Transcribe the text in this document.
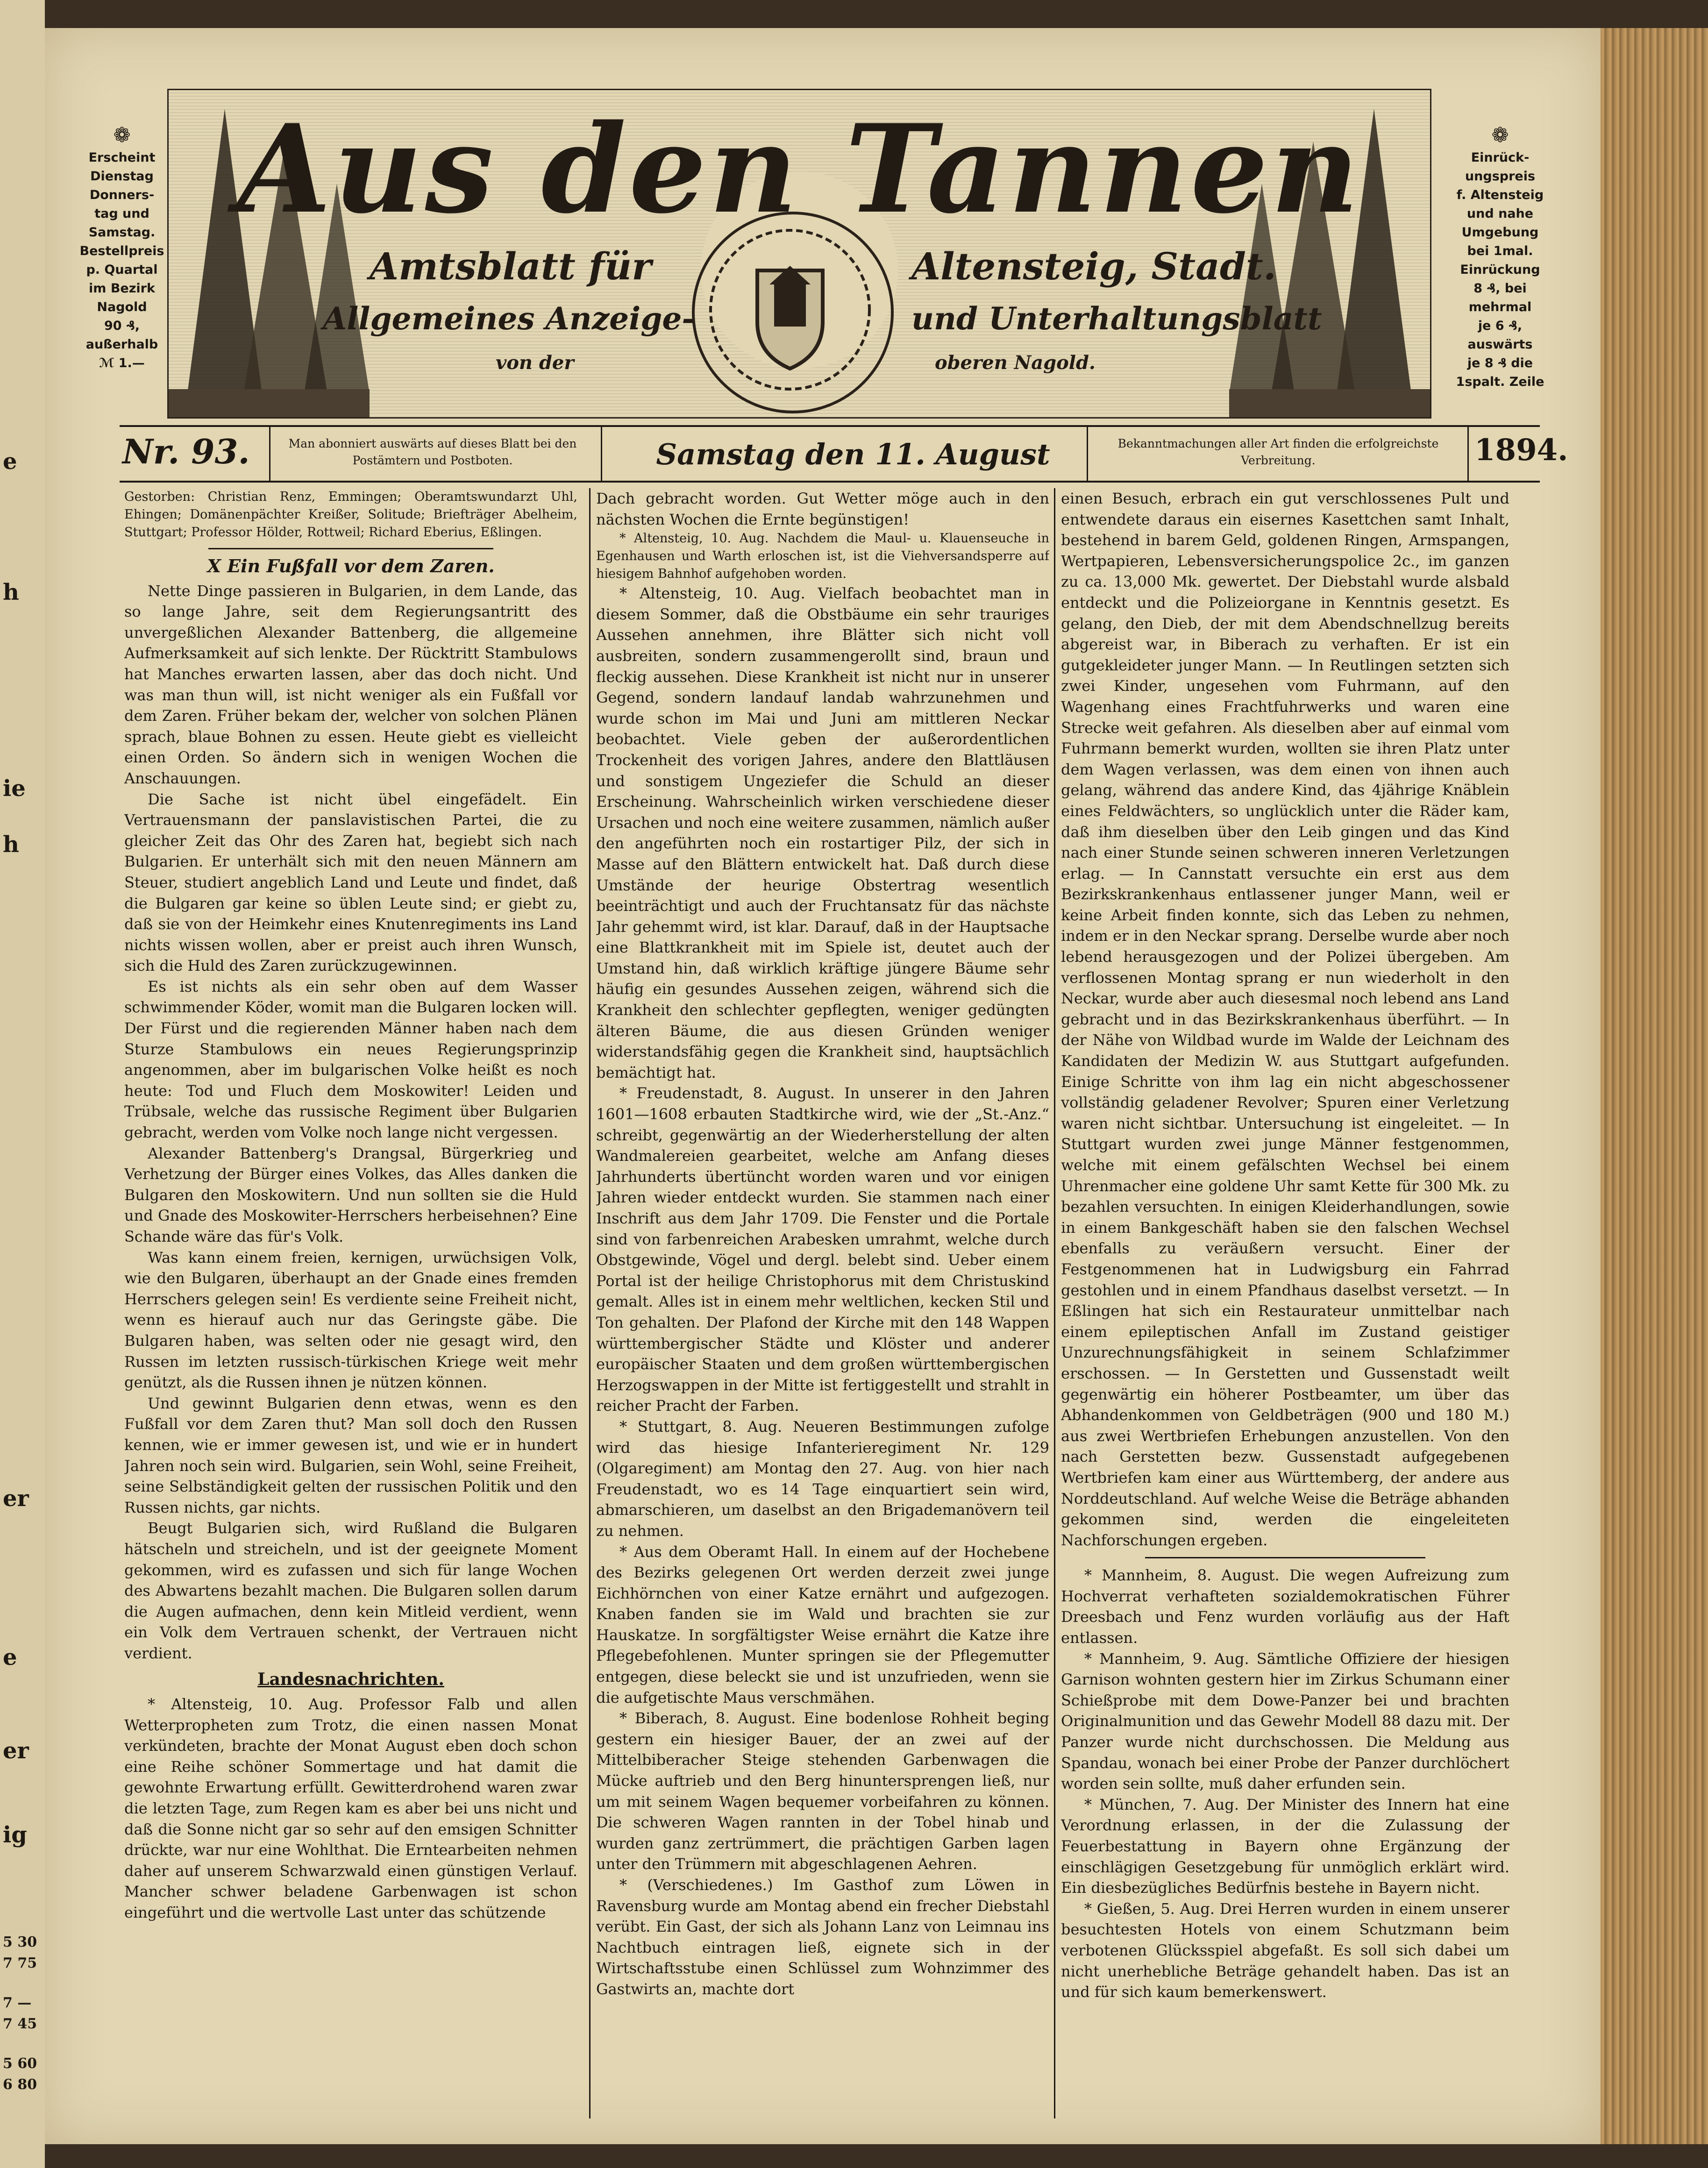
e
h
ie
h
er
e
er
ig
5 30
7 75
7 —
7 45
5 60
6 80
❁
Erscheint
Dienstag
Donners-
tag und
Samstag.
Bestellpreis
p. Quartal
im Bezirk
Nagold
90 ₰,
außerhalb
ℳ 1.—
❁
Einrück-
ungspreis
f. Altensteig
und nahe
Umgebung
bei 1mal.
Einrückung
8 ₰, bei
mehrmal
je 6 ₰,
auswärts
je 8 ₰ die
1spalt. Zeile
Aus den Tannen
Amtsblatt für	Altensteig, Stadt.
Allgemeines Anzeige-	und Unterhaltungsblatt
von der	oberen Nagold.
Nr. 93.	Man abonniert auswärts auf dieses Blatt bei den Postämtern und Postboten.	Samstag den 11. August	Bekanntmachungen aller Art finden die erfolgreichste Verbreitung.	1894.

Gestorben: Christian Renz, Emmingen; Oberamtswundarzt Uhl, Ehingen; Domänenpächter Kreißer, Solitude; Briefträger Abelheim, Stuttgart; Professor Hölder, Rottweil; Richard Eberius, Eßlingen.

X Ein Fußfall vor dem Zaren.

Nette Dinge passieren in Bulgarien, in dem Lande, das so lange Jahre, seit dem Regierungsantritt des unvergeßlichen Alexander Battenberg, die allgemeine Aufmerksamkeit auf sich lenkte. Der Rücktritt Stambulows hat Manches erwarten lassen, aber das doch nicht. Und was man thun will, ist nicht weniger als ein Fußfall vor dem Zaren. Früher bekam der, welcher von solchen Plänen sprach, blaue Bohnen zu essen. Heute giebt es vielleicht einen Orden. So ändern sich in wenigen Wochen die Anschauungen.

Die Sache ist nicht übel eingefädelt. Ein Vertrauensmann der panslavistischen Partei, die zu gleicher Zeit das Ohr des Zaren hat, begiebt sich nach Bulgarien. Er unterhält sich mit den neuen Männern am Steuer, studiert angeblich Land und Leute und findet, daß die Bulgaren gar keine so üblen Leute sind; er giebt zu, daß sie von der Heimkehr eines Knutenregiments ins Land nichts wissen wollen, aber er preist auch ihren Wunsch, sich die Huld des Zaren zurückzugewinnen.

Es ist nichts als ein sehr oben auf dem Wasser schwimmender Köder, womit man die Bulgaren locken will. Der Fürst und die regierenden Männer haben nach dem Sturze Stambulows ein neues Regierungsprinzip angenommen, aber im bulgarischen Volke heißt es noch heute: Tod und Fluch dem Moskowiter! Leiden und Trübsale, welche das russische Regiment über Bulgarien gebracht, werden vom Volke noch lange nicht vergessen.

Alexander Battenberg's Drangsal, Bürgerkrieg und Verhetzung der Bürger eines Volkes, das Alles danken die Bulgaren den Moskowitern. Und nun sollten sie die Huld und Gnade des Moskowiter-Herrschers herbeisehnen? Eine Schande wäre das für's Volk.

Was kann einem freien, kernigen, urwüchsigen Volk, wie den Bulgaren, überhaupt an der Gnade eines fremden Herrschers gelegen sein! Es verdiente seine Freiheit nicht, wenn es hierauf auch nur das Geringste gäbe. Die Bulgaren haben, was selten oder nie gesagt wird, den Russen im letzten russisch-türkischen Kriege weit mehr genützt, als die Russen ihnen je nützen können.

Und gewinnt Bulgarien denn etwas, wenn es den Fußfall vor dem Zaren thut? Man soll doch den Russen kennen, wie er immer gewesen ist, und wie er in hundert Jahren noch sein wird. Bulgarien, sein Wohl, seine Freiheit, seine Selbständigkeit gelten der russischen Politik und den Russen nichts, gar nichts.

Beugt Bulgarien sich, wird Rußland die Bulgaren hätscheln und streicheln, und ist der geeignete Moment gekommen, wird es zufassen und sich für lange Wochen des Abwartens bezahlt machen. Die Bulgaren sollen darum die Augen aufmachen, denn kein Mitleid verdient, wenn ein Volk dem Vertrauen schenkt, der Vertrauen nicht verdient.

Landesnachrichten.

* Altensteig, 10. Aug. Professor Falb und allen Wetterpropheten zum Trotz, die einen nassen Monat verkündeten, brachte der Monat August eben doch schon eine Reihe schöner Sommertage und hat damit die gewohnte Erwartung erfüllt. Gewitterdrohend waren zwar die letzten Tage, zum Regen kam es aber bei uns nicht und daß die Sonne nicht gar so sehr auf den emsigen Schnitter drückte, war nur eine Wohlthat. Die Erntearbeiten nehmen daher auf unserem Schwarzwald einen günstigen Verlauf. Mancher schwer beladene Garbenwagen ist schon eingeführt und die wertvolle Last unter das schützende

Dach gebracht worden. Gut Wetter möge auch in den nächsten Wochen die Ernte begünstigen!

* Altensteig, 10. Aug. Nachdem die Maul- u. Klauenseuche in Egenhausen und Warth erloschen ist, ist die Viehversandsperre auf hiesigem Bahnhof aufgehoben worden.

* Altensteig, 10. Aug. Vielfach beobachtet man in diesem Sommer, daß die Obstbäume ein sehr trauriges Aussehen annehmen, ihre Blätter sich nicht voll ausbreiten, sondern zusammengerollt sind, braun und fleckig aussehen. Diese Krankheit ist nicht nur in unserer Gegend, sondern landauf landab wahrzunehmen und wurde schon im Mai und Juni am mittleren Neckar beobachtet. Viele geben der außerordentlichen Trockenheit des vorigen Jahres, andere den Blattläusen und sonstigem Ungeziefer die Schuld an dieser Erscheinung. Wahrscheinlich wirken verschiedene dieser Ursachen und noch eine weitere zusammen, nämlich außer den angeführten noch ein rostartiger Pilz, der sich in Masse auf den Blättern entwickelt hat. Daß durch diese Umstände der heurige Obstertrag wesentlich beeinträchtigt und auch der Fruchtansatz für das nächste Jahr gehemmt wird, ist klar. Darauf, daß in der Hauptsache eine Blattkrankheit mit im Spiele ist, deutet auch der Umstand hin, daß wirklich kräftige jüngere Bäume sehr häufig ein gesundes Aussehen zeigen, während sich die Krankheit den schlechter gepflegten, weniger gedüngten älteren Bäume, die aus diesen Gründen weniger widerstandsfähig gegen die Krankheit sind, hauptsächlich bemächtigt hat.

* Freudenstadt, 8. August. In unserer in den Jahren 1601—1608 erbauten Stadtkirche wird, wie der „St.-Anz.“ schreibt, gegenwärtig an der Wiederherstellung der alten Wandmalereien gearbeitet, welche am Anfang dieses Jahrhunderts übertüncht worden waren und vor einigen Jahren wieder entdeckt wurden. Sie stammen nach einer Inschrift aus dem Jahr 1709. Die Fenster und die Portale sind von farbenreichen Arabesken umrahmt, welche durch Obstgewinde, Vögel und dergl. belebt sind. Ueber einem Portal ist der heilige Christophorus mit dem Christuskind gemalt. Alles ist in einem mehr weltlichen, kecken Stil und Ton gehalten. Der Plafond der Kirche mit den 148 Wappen württembergischer Städte und Klöster und anderer europäischer Staaten und dem großen württembergischen Herzogswappen in der Mitte ist fertiggestellt und strahlt in reicher Pracht der Farben.

* Stuttgart, 8. Aug. Neueren Bestimmungen zufolge wird das hiesige Infanterieregiment Nr. 129 (Olgaregiment) am Montag den 27. Aug. von hier nach Freudenstadt, wo es 14 Tage einquartiert sein wird, abmarschieren, um daselbst an den Brigademanövern teil zu nehmen.

* Aus dem Oberamt Hall. In einem auf der Hochebene des Bezirks gelegenen Ort werden derzeit zwei junge Eichhörnchen von einer Katze ernährt und aufgezogen. Knaben fanden sie im Wald und brachten sie zur Hauskatze. In sorgfältigster Weise ernährt die Katze ihre Pflegebefohlenen. Munter springen sie der Pflegemutter entgegen, diese beleckt sie und ist unzufrieden, wenn sie die aufgetischte Maus verschmähen.

* Biberach, 8. August. Eine bodenlose Rohheit beging gestern ein hiesiger Bauer, der an zwei auf der Mittelbiberacher Steige stehenden Garbenwagen die Mücke auftrieb und den Berg hinuntersprengen ließ, nur um mit seinem Wagen bequemer vorbeifahren zu können. Die schweren Wagen rannten in der Tobel hinab und wurden ganz zertrümmert, die prächtigen Garben lagen unter den Trümmern mit abgeschlagenen Aehren.

* (Verschiedenes.) Im Gasthof zum Löwen in Ravensburg wurde am Montag abend ein frecher Diebstahl verübt. Ein Gast, der sich als Johann Lanz von Leimnau ins Nachtbuch eintragen ließ, eignete sich in der Wirtschaftsstube einen Schlüssel zum Wohnzimmer des Gastwirts an, machte dort

einen Besuch, erbrach ein gut verschlossenes Pult und entwendete daraus ein eisernes Kasettchen samt Inhalt, bestehend in barem Geld, goldenen Ringen, Armspangen, Wertpapieren, Lebensversicherungspolice 2c., im ganzen zu ca. 13,000 Mk. gewertet. Der Diebstahl wurde alsbald entdeckt und die Polizeiorgane in Kenntnis gesetzt. Es gelang, den Dieb, der mit dem Abendschnellzug bereits abgereist war, in Biberach zu verhaften. Er ist ein gutgekleideter junger Mann. — In Reutlingen setzten sich zwei Kinder, ungesehen vom Fuhrmann, auf den Wagenhang eines Frachtfuhrwerks und waren eine Strecke weit gefahren. Als dieselben aber auf einmal vom Fuhrmann bemerkt wurden, wollten sie ihren Platz unter dem Wagen verlassen, was dem einen von ihnen auch gelang, während das andere Kind, das 4jährige Knäblein eines Feldwächters, so unglücklich unter die Räder kam, daß ihm dieselben über den Leib gingen und das Kind nach einer Stunde seinen schweren inneren Verletzungen erlag. — In Cannstatt versuchte ein erst aus dem Bezirkskrankenhaus entlassener junger Mann, weil er keine Arbeit finden konnte, sich das Leben zu nehmen, indem er in den Neckar sprang. Derselbe wurde aber noch lebend herausgezogen und der Polizei übergeben. Am verflossenen Montag sprang er nun wiederholt in den Neckar, wurde aber auch diesesmal noch lebend ans Land gebracht und in das Bezirkskrankenhaus überführt. — In der Nähe von Wildbad wurde im Walde der Leichnam des Kandidaten der Medizin W. aus Stuttgart aufgefunden. Einige Schritte von ihm lag ein nicht abgeschossener vollständig geladener Revolver; Spuren einer Verletzung waren nicht sichtbar. Untersuchung ist eingeleitet. — In Stuttgart wurden zwei junge Männer festgenommen, welche mit einem gefälschten Wechsel bei einem Uhrenmacher eine goldene Uhr samt Kette für 300 Mk. zu bezahlen versuchten. In einigen Kleiderhandlungen, sowie in einem Bankgeschäft haben sie den falschen Wechsel ebenfalls zu veräußern versucht. Einer der Festgenommenen hat in Ludwigsburg ein Fahrrad gestohlen und in einem Pfandhaus daselbst versetzt. — In Eßlingen hat sich ein Restaurateur unmittelbar nach einem epileptischen Anfall im Zustand geistiger Unzurechnungsfähigkeit in seinem Schlafzimmer erschossen. — In Gerstetten und Gussenstadt weilt gegenwärtig ein höherer Postbeamter, um über das Abhandenkommen von Geldbeträgen (900 und 180 M.) aus zwei Wertbriefen Erhebungen anzustellen. Von den nach Gerstetten bezw. Gussenstadt aufgegebenen Wertbriefen kam einer aus Württemberg, der andere aus Norddeutschland. Auf welche Weise die Beträge abhanden gekommen sind, werden die eingeleiteten Nachforschungen ergeben.

* Mannheim, 8. August. Die wegen Aufreizung zum Hochverrat verhafteten sozialdemokratischen Führer Dreesbach und Fenz wurden vorläufig aus der Haft entlassen.

* Mannheim, 9. Aug. Sämtliche Offiziere der hiesigen Garnison wohnten gestern hier im Zirkus Schumann einer Schießprobe mit dem Dowe-Panzer bei und brachten Originalmunition und das Gewehr Modell 88 dazu mit. Der Panzer wurde nicht durchschossen. Die Meldung aus Spandau, wonach bei einer Probe der Panzer durchlöchert worden sein sollte, muß daher erfunden sein.

* München, 7. Aug. Der Minister des Innern hat eine Verordnung erlassen, in der die Zulassung der Feuerbestattung in Bayern ohne Ergänzung der einschlägigen Gesetzgebung für unmöglich erklärt wird. Ein diesbezügliches Bedürfnis bestehe in Bayern nicht.

* Gießen, 5. Aug. Drei Herren wurden in einem unserer besuchtesten Hotels von einem Schutzmann beim verbotenen Glücksspiel abgefaßt. Es soll sich dabei um nicht unerhebliche Beträge gehandelt haben. Das ist an und für sich kaum bemerkenswert.
